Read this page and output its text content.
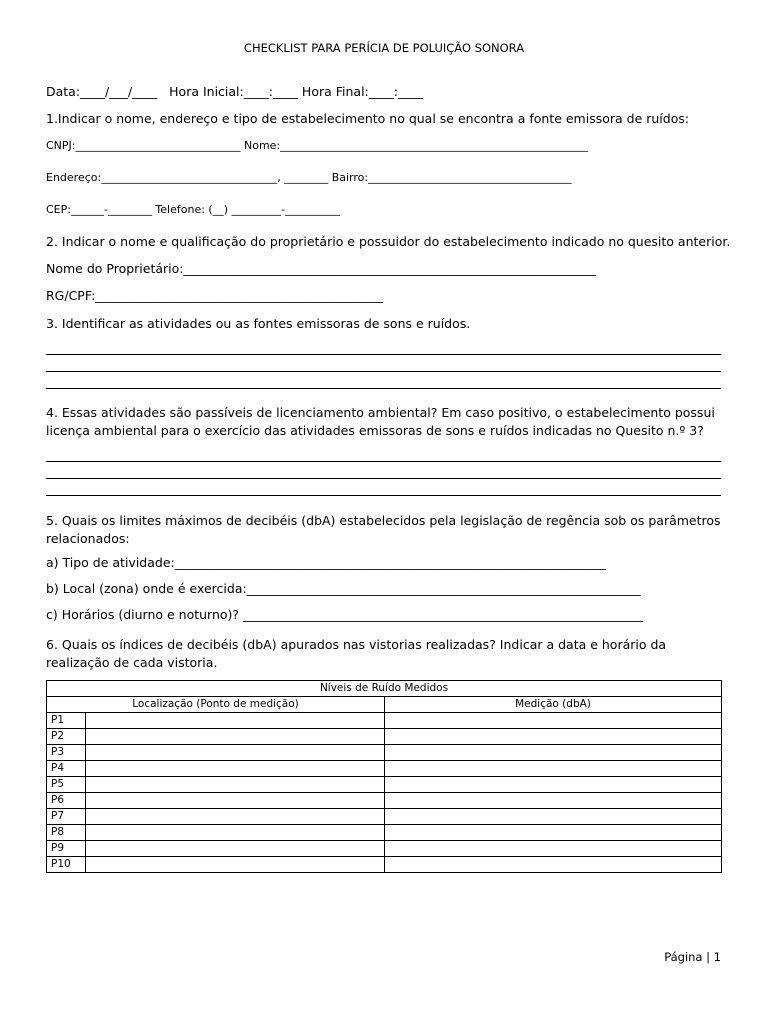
CHECKLIST PARA PERÍCIA DE POLUIÇÃO SONORA
Data:____/___/____   Hora Inicial:____:____ Hora Final:____:____
1.Indicar o nome, endereço e tipo de estabelecimento no qual se encontra a fonte emissora de ruídos:
CNPJ:______________________________ Nome:________________________________________________________
Endereço:________________________________, ________ Bairro:_____________________________________
CEP:______-________ Telefone: (__) _________-__________
2. Indicar o nome e qualificação do proprietário e possuidor do estabelecimento indicado no quesito anterior.
Nome do Proprietário:__________________________________________________________________
RG/CPF:______________________________________________
3. Identificar as atividades ou as fontes emissoras de sons e ruídos.
4. Essas atividades são passíveis de licenciamento ambiental? Em caso positivo, o estabelecimento possui licença ambiental para o exercício das atividades emissoras de sons e ruídos indicadas no Quesito n.º 3?
5. Quais os limites máximos de decibéis (dbA) estabelecidos pela legislação de regência sob os parâmetros relacionados:
a) Tipo de atividade:_____________________________________________________________________
b) Local (zona) onde é exercida:_______________________________________________________________
c) Horários (diurno e noturno)? ________________________________________________________________
6. Quais os índices de decibéis (dbA) apurados nas vistorias realizadas? Indicar a data e horário da realização de cada vistoria.
Níveis de Ruído Medidos		
Localização (Ponto de medição)		Medição (dbA)
P1		
P2		
P3		
P4		
P5		
P6		
P7		
P8		
P9		
P10		
Página | 1
